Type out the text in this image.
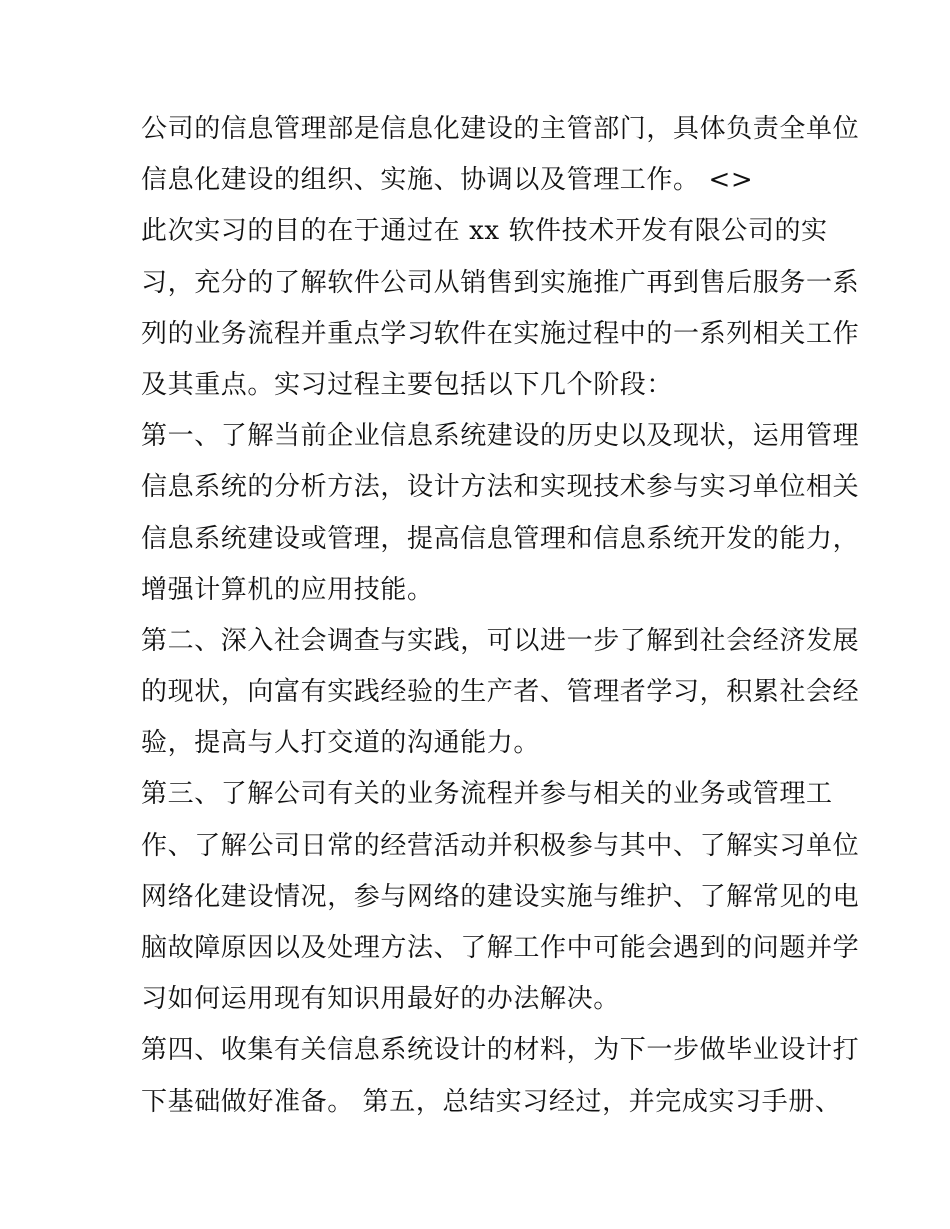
公司的信息管理部是信息化建设的主管部门，具体负责全单位
信息化建设的组织、实施、协调以及管理工作。 <>
此次实习的目的在于通过在 xx 软件技术开发有限公司的实
习，充分的了解软件公司从销售到实施推广再到售后服务一系
列的业务流程并重点学习软件在实施过程中的一系列相关工作
及其重点。实习过程主要包括以下几个阶段：
第一、了解当前企业信息系统建设的历史以及现状，运用管理
信息系统的分析方法，设计方法和实现技术参与实习单位相关
信息系统建设或管理，提高信息管理和信息系统开发的能力，
增强计算机的应用技能。
第二、深入社会调查与实践，可以进一步了解到社会经济发展
的现状，向富有实践经验的生产者、管理者学习，积累社会经
验，提高与人打交道的沟通能力。
第三、了解公司有关的业务流程并参与相关的业务或管理工
作、了解公司日常的经营活动并积极参与其中、了解实习单位
网络化建设情况，参与网络的建设实施与维护、了解常见的电
脑故障原因以及处理方法、了解工作中可能会遇到的问题并学
习如何运用现有知识用最好的办法解决。
第四、收集有关信息系统设计的材料，为下一步做毕业设计打
下基础做好准备。 第五，总结实习经过，并完成实习手册、
